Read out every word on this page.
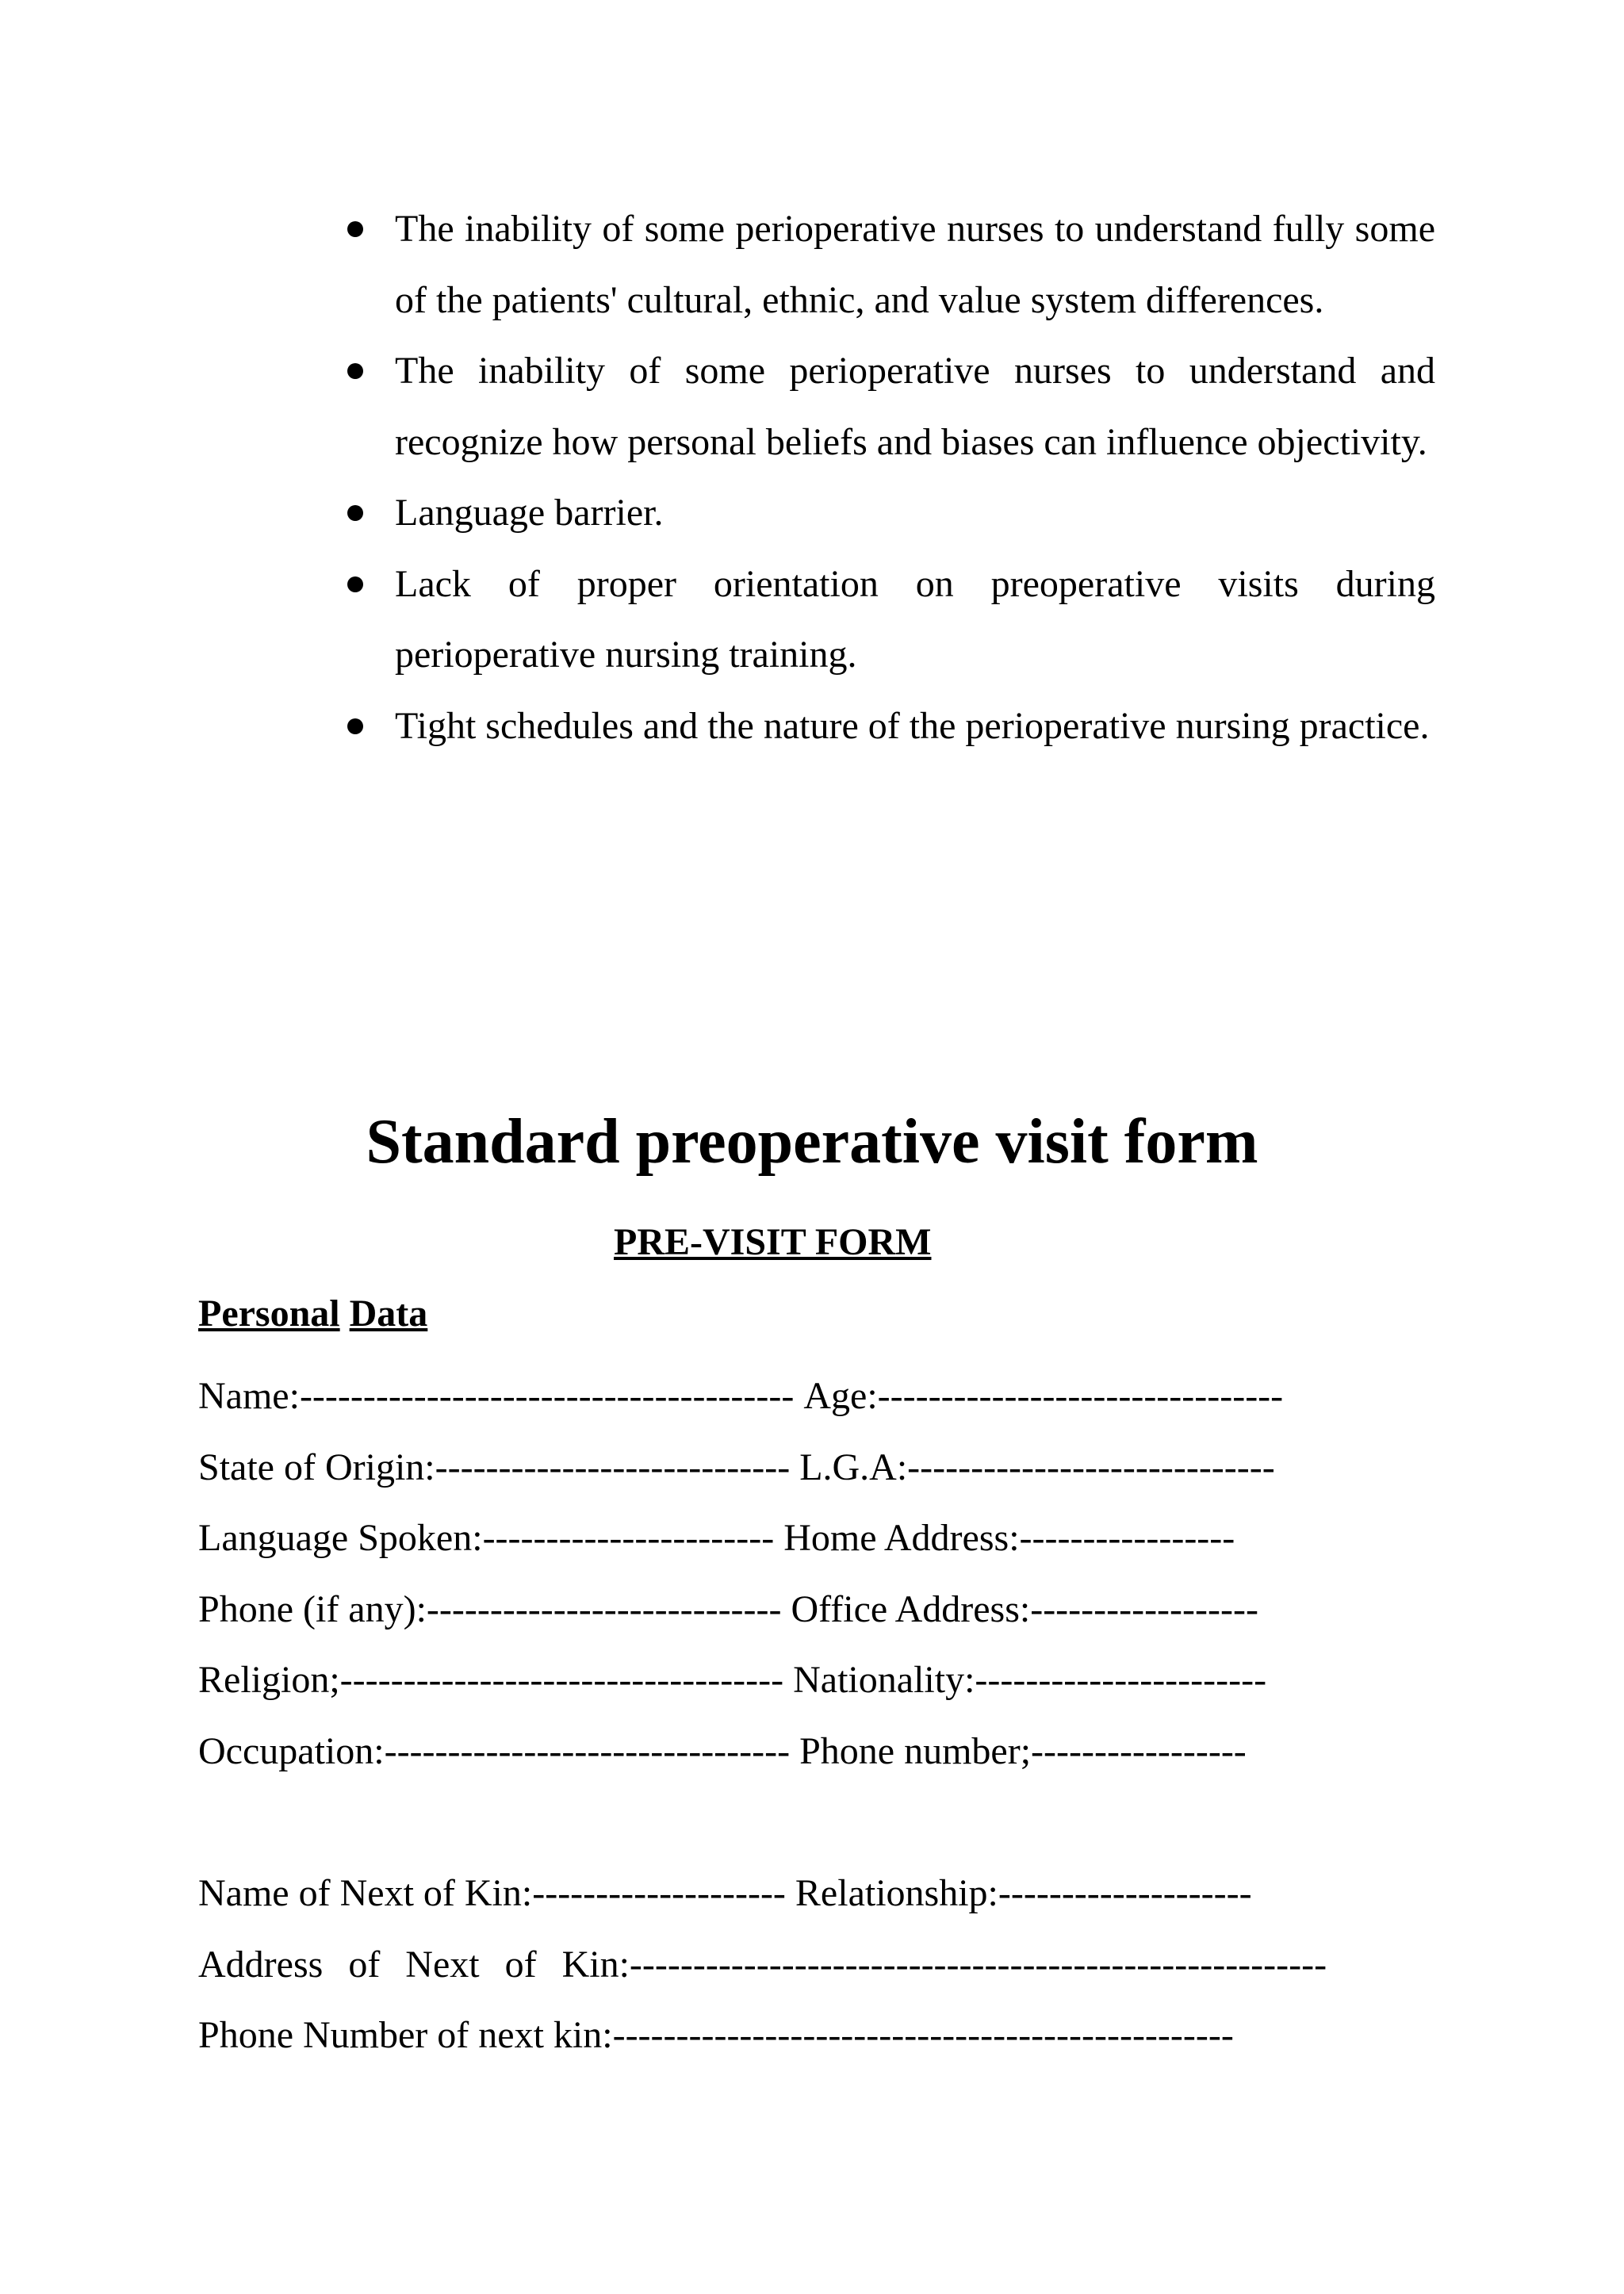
The inability of some perioperative nurses to understand fully some of the patients' cultural, ethnic, and value system differences.
The inability of some perioperative nurses to understand and recognize how personal beliefs and biases can influence objectivity.
Language barrier.
Lack of proper orientation on preoperative visits during perioperative nursing training.
Tight schedules and the nature of the perioperative nursing practice.
Standard preoperative visit form
PRE-VISIT FORM
Personal Data
Name:--------------------------------------- Age:--------------------------------
State of Origin:---------------------------- L.G.A:-----------------------------
Language Spoken:----------------------- Home Address:-----------------
Phone (if any):---------------------------- Office Address:------------------
Religion;----------------------------------- Nationality:-----------------------
Occupation:-------------------------------- Phone number;-----------------
Name of Next of Kin:-------------------- Relationship:--------------------
Address of Next of Kin:-------------------------------------------------------
Phone Number of next kin:-------------------------------------------------
